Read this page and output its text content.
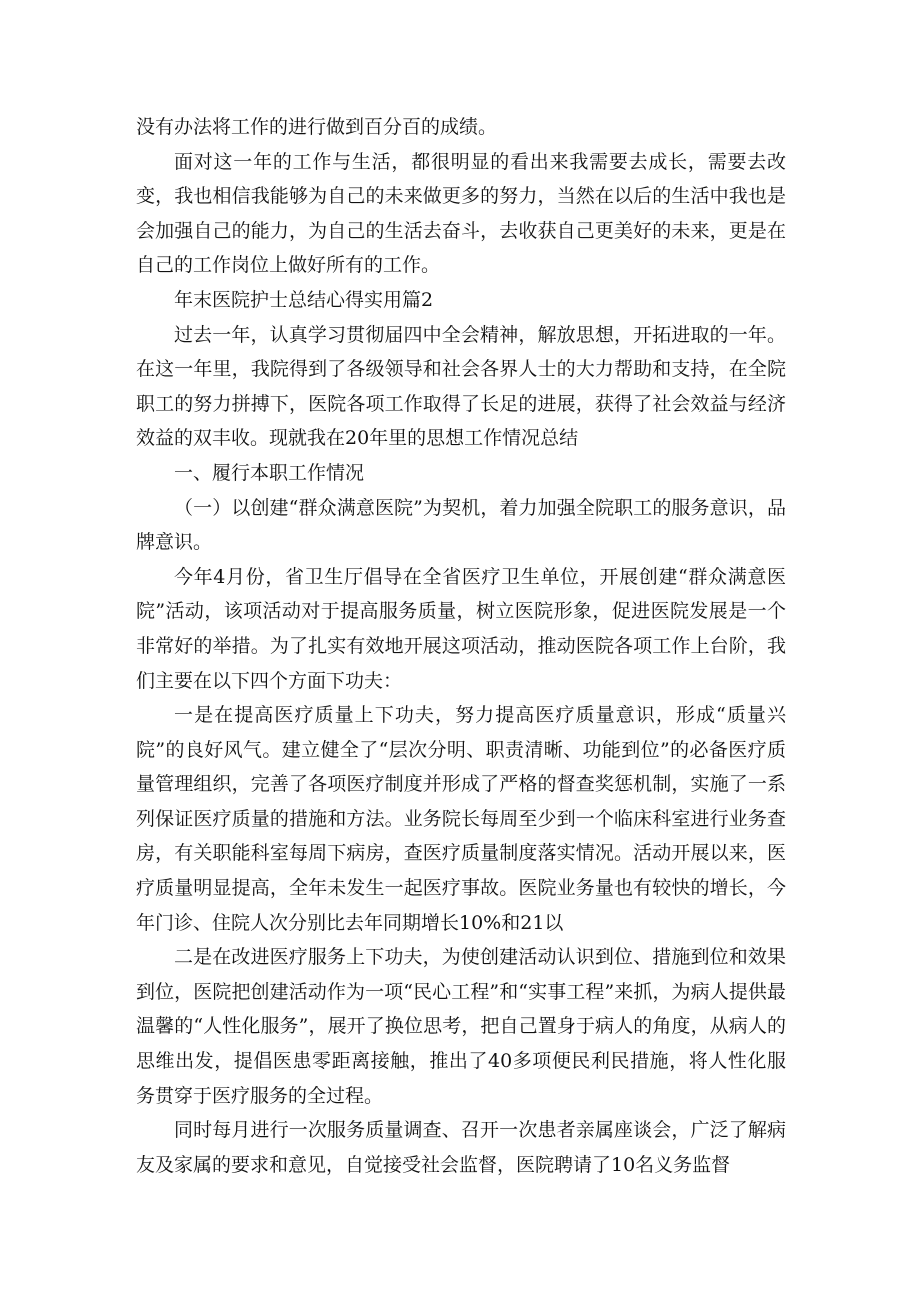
没有办法将工作的进行做到百分百的成绩。

面对这一年的工作与生活，都很明显的看出来我需要去成长，需要去改变，我也相信我能够为自己的未来做更多的努力，当然在以后的生活中我也是会加强自己的能力，为自己的生活去奋斗，去收获自己更美好的未来，更是在自己的工作岗位上做好所有的工作。

年末医院护士总结心得实用篇2

过去一年，认真学习贯彻届四中全会精神，解放思想，开拓进取的一年。在这一年里，我院得到了各级领导和社会各界人士的大力帮助和支持，在全院职工的努力拼搏下，医院各项工作取得了长足的进展，获得了社会效益与经济效益的双丰收。现就我在20年里的思想工作情况总结

一、履行本职工作情况

（一）以创建“群众满意医院”为契机，着力加强全院职工的服务意识，品牌意识。

今年4月份，省卫生厅倡导在全省医疗卫生单位，开展创建“群众满意医院”活动，该项活动对于提高服务质量，树立医院形象，促进医院发展是一个非常好的举措。为了扎实有效地开展这项活动，推动医院各项工作上台阶，我们主要在以下四个方面下功夫：

一是在提高医疗质量上下功夫，努力提高医疗质量意识，形成“质量兴院”的良好风气。建立健全了“层次分明、职责清晰、功能到位”的必备医疗质量管理组织，完善了各项医疗制度并形成了严格的督查奖惩机制，实施了一系列保证医疗质量的措施和方法。业务院长每周至少到一个临床科室进行业务查房，有关职能科室每周下病房，查医疗质量制度落实情况。活动开展以来，医疗质量明显提高，全年未发生一起医疗事故。医院业务量也有较快的增长，今年门诊、住院人次分别比去年同期增长10%和21以

二是在改进医疗服务上下功夫，为使创建活动认识到位、措施到位和效果到位，医院把创建活动作为一项“民心工程”和“实事工程”来抓，为病人提供最温馨的“人性化服务”，展开了换位思考，把自己置身于病人的角度，从病人的思维出发，提倡医患零距离接触，推出了40多项便民利民措施，将人性化服务贯穿于医疗服务的全过程。

同时每月进行一次服务质量调查、召开一次患者亲属座谈会，广泛了解病友及家属的要求和意见，自觉接受社会监督，医院聘请了10名义务监督
